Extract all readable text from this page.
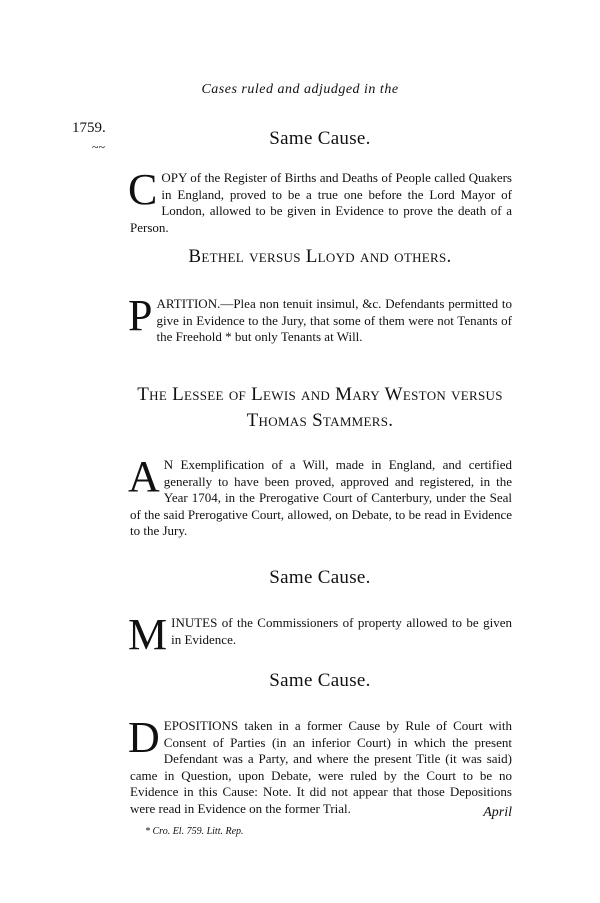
Cases ruled and adjudged in the
1759.
~~	Same Cause.

COPY of the Register of Births and Deaths of People called Quakers in England, proved to be a true one before the Lord Mayor of London, allowed to be given in Evidence to prove the death of a Person.

Bethel versus Lloyd and others.

PARTITION.—Plea non tenuit insimul, &c. Defendants permitted to give in Evidence to the Jury, that some of them were not Tenants of the Freehold * but only Tenants at Will.

The Lessee of Lewis and Mary Weston versus
Thomas Stammers.

A N Exemplification of a Will, made in England, and certified generally to have been proved, approved and registered, in the Year 1704, in the Prerogative Court of Canterbury, under the Seal of the said Prerogative Court, allowed, on Debate, to be read in Evidence to the Jury.

Same Cause.

MINUTES of the Commissioners of property allowed to be given in Evidence.

Same Cause.

DEPOSITIONS taken in a former Cause by Rule of Court with Consent of Parties (in an inferior Court) in which the present Defendant was a Party, and where the present Title (it was said) came in Question, upon Debate, were ruled by the Court to be no Evidence in this Cause: Note. It did not appear that those Depositions were read in Evidence on the former Trial.	April
* Cro. El. 759. Litt. Rep.
